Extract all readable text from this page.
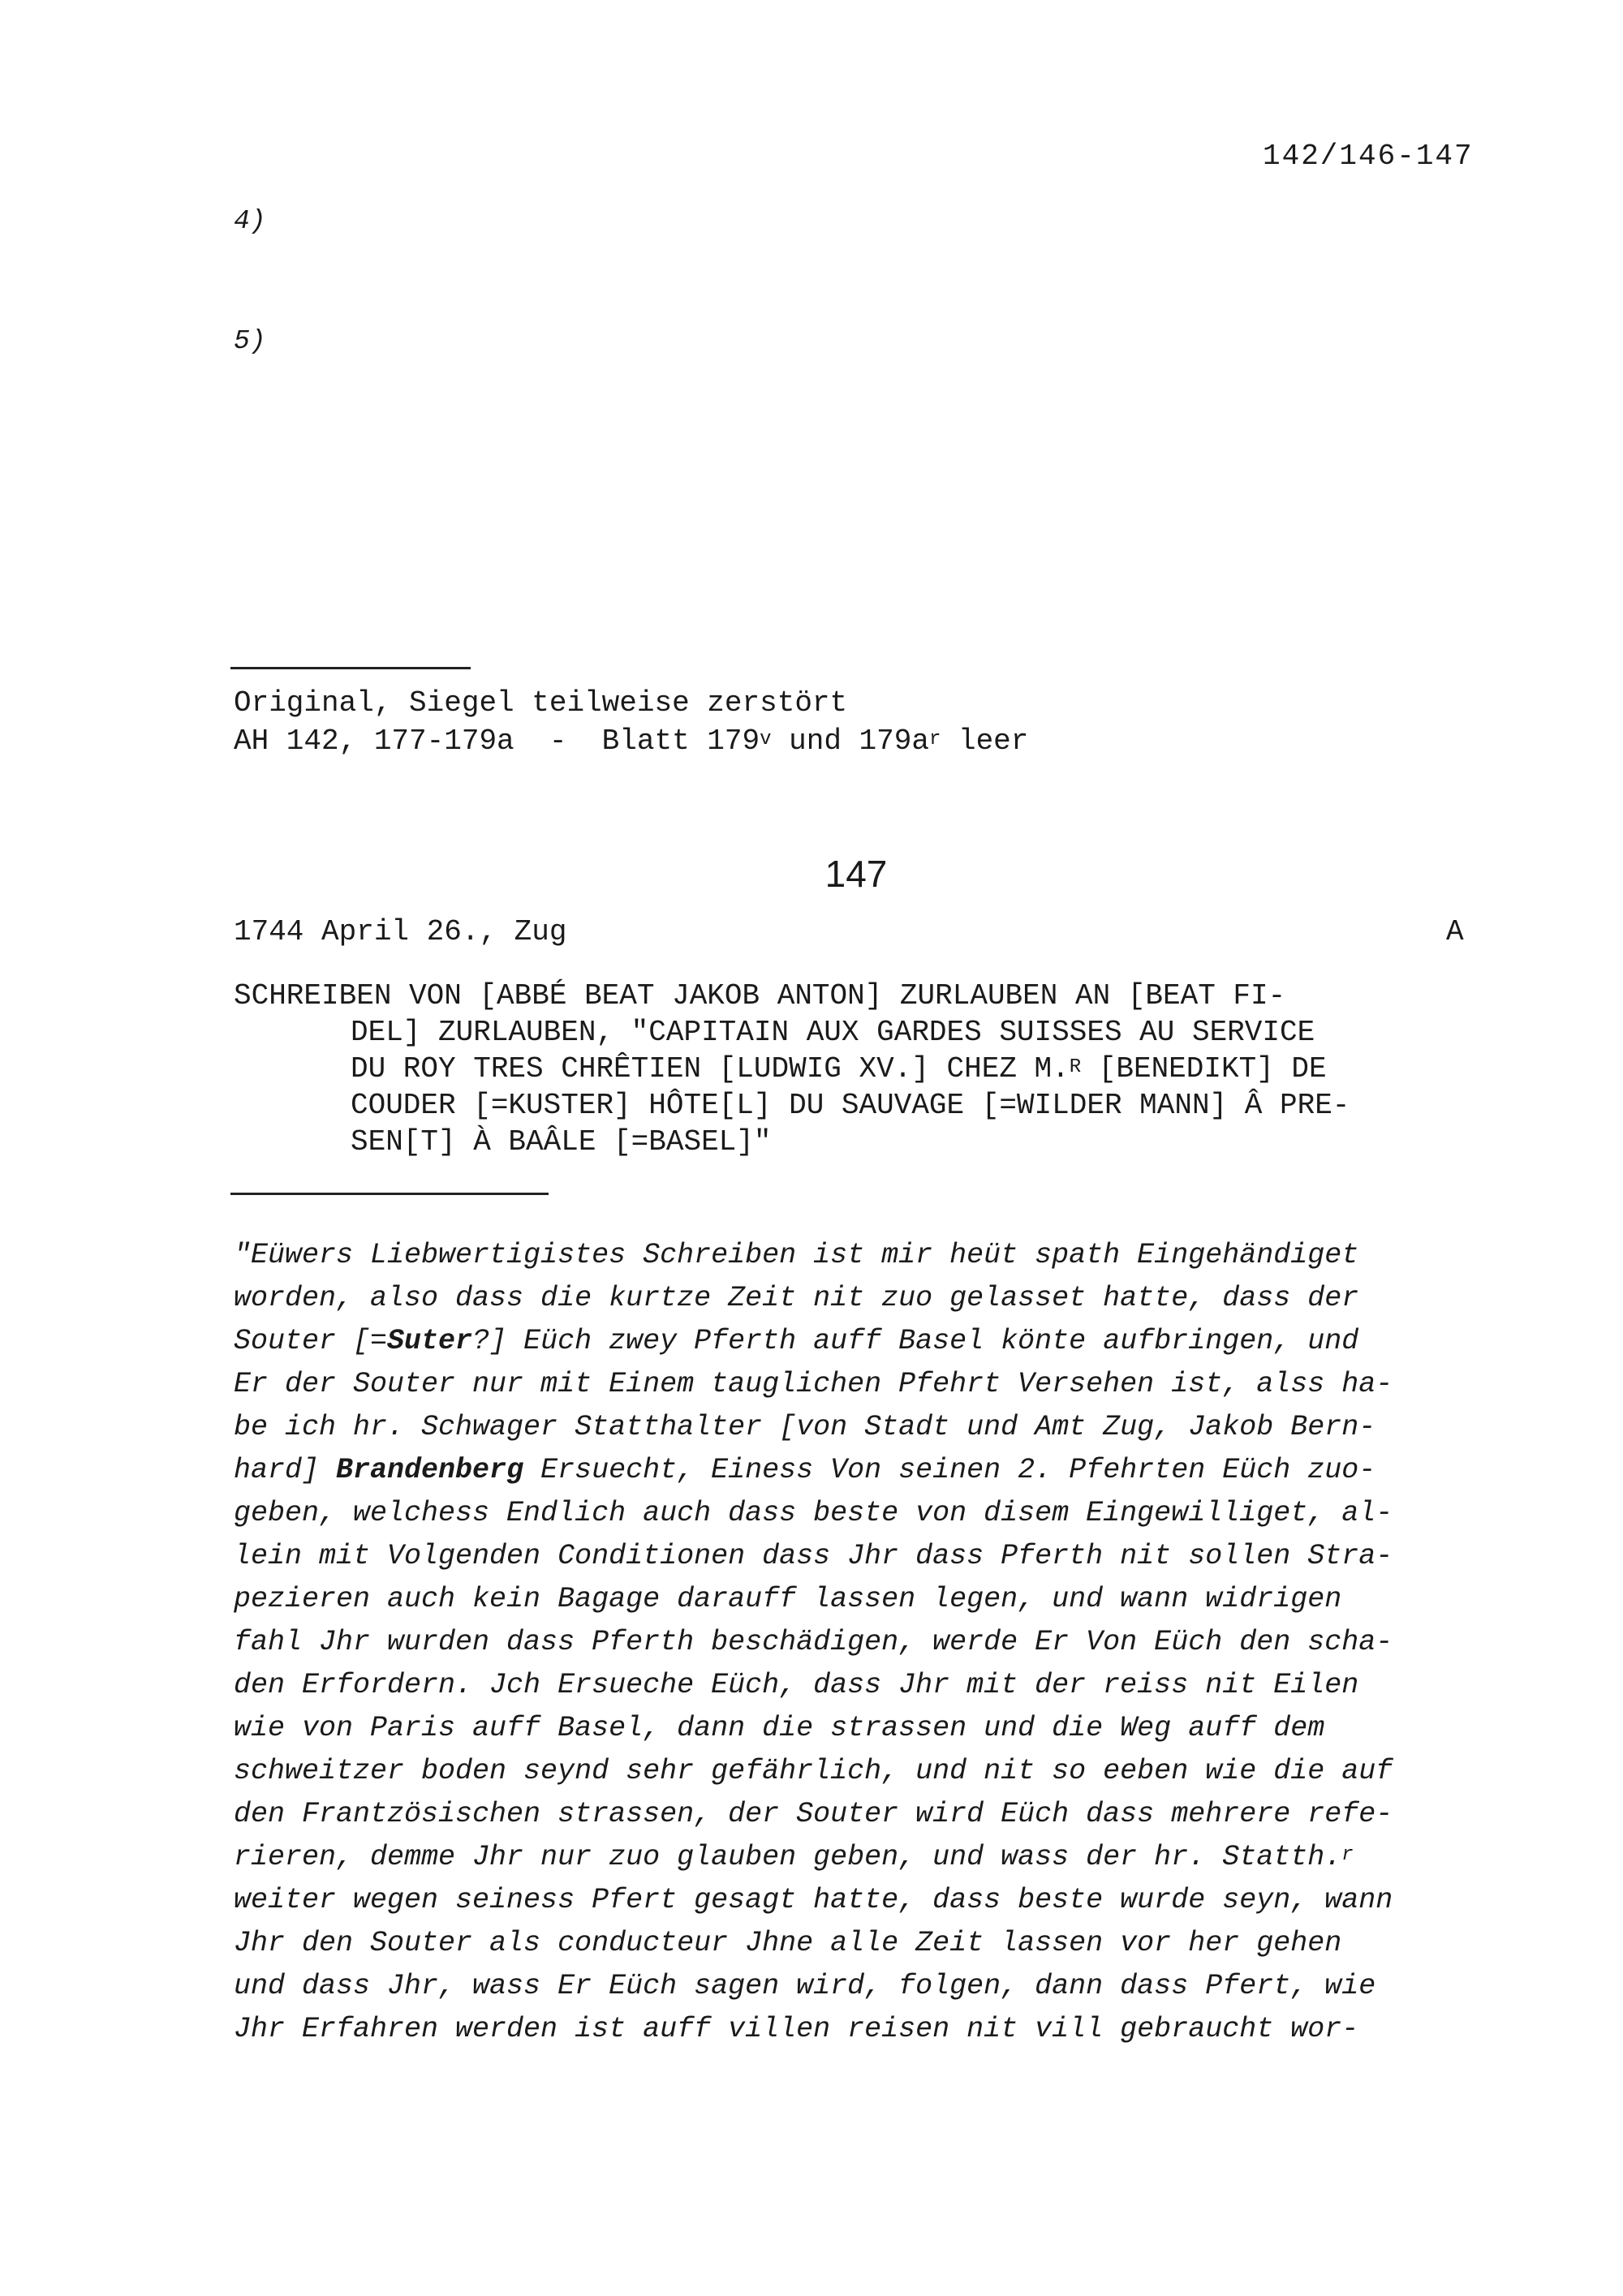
142/146-147
4)
5)
Original, Siegel teilweise zerstört
AH 142, 177-179a  -  Blatt 179$^v$ und $179a^r$ leer
147
1744 April 26., Zug	A
SCHREIBEN VON [ABBÉ BEAT JAKOB ANTON] ZURLAUBEN AN [BEAT FI-
DEL] ZURLAUBEN, "CAPITAIN AUX GARDES SUISSES AU SERVICE
DU ROY TRES CHRÊTIEN [LUDWIG XV.] CHEZ M.$^R$ [BENEDIKT] DE
COUDER [=KUSTER] HÔTE[L] DU SAUVAGE [=WILDER MANN] Â PRE-
SEN[T] À BAÂLE [=BASEL]"
"Eüwers Liebwertigistes Schreiben ist mir heüt spath Eingehändiget
worden, also dass die kurtze Zeit nit zuo gelasset hatte, dass der
Souter [=Suter?] Eüch zwey Pferth auff Basel könte aufbringen, und
Er der Souter nur mit Einem tauglichen Pfehrt Versehen ist, alss ha-
be ich hr. Schwager Statthalter [von Stadt und Amt Zug, Jakob Bern-
hard] Brandenberg Ersuecht, Einess Von seinen 2. Pfehrten Eüch zuo-
geben, welchess Endlich auch dass beste von disem Eingewilliget, al-
lein mit Volgenden Conditionen dass Jhr dass Pferth nit sollen Stra-
pezieren auch kein Bagage darauff lassen legen, und wann widrigen
fahl Jhr wurden dass Pferth beschädigen, werde Er Von Eüch den scha-
den Erfordern. Jch Ersueche Eüch, dass Jhr mit der reiss nit Eilen
wie von Paris auff Basel, dann die strassen und die Weg auff dem
schweitzer boden seynd sehr gefährlich, und nit so eeben wie die auf
den Frantzösischen strassen, der Souter wird Eüch dass mehrere refe-
rieren, demme Jhr nur zuo glauben geben, und wass der hr. Statth.$^r$
weiter wegen seiness Pfert gesagt hatte, dass beste wurde seyn, wann
Jhr den Souter als conducteur Jhne alle Zeit lassen vor her gehen
und dass Jhr, wass Er Eüch sagen wird, folgen, dann dass Pfert, wie
Jhr Erfahren werden ist auff villen reisen nit vill gebraucht wor-
